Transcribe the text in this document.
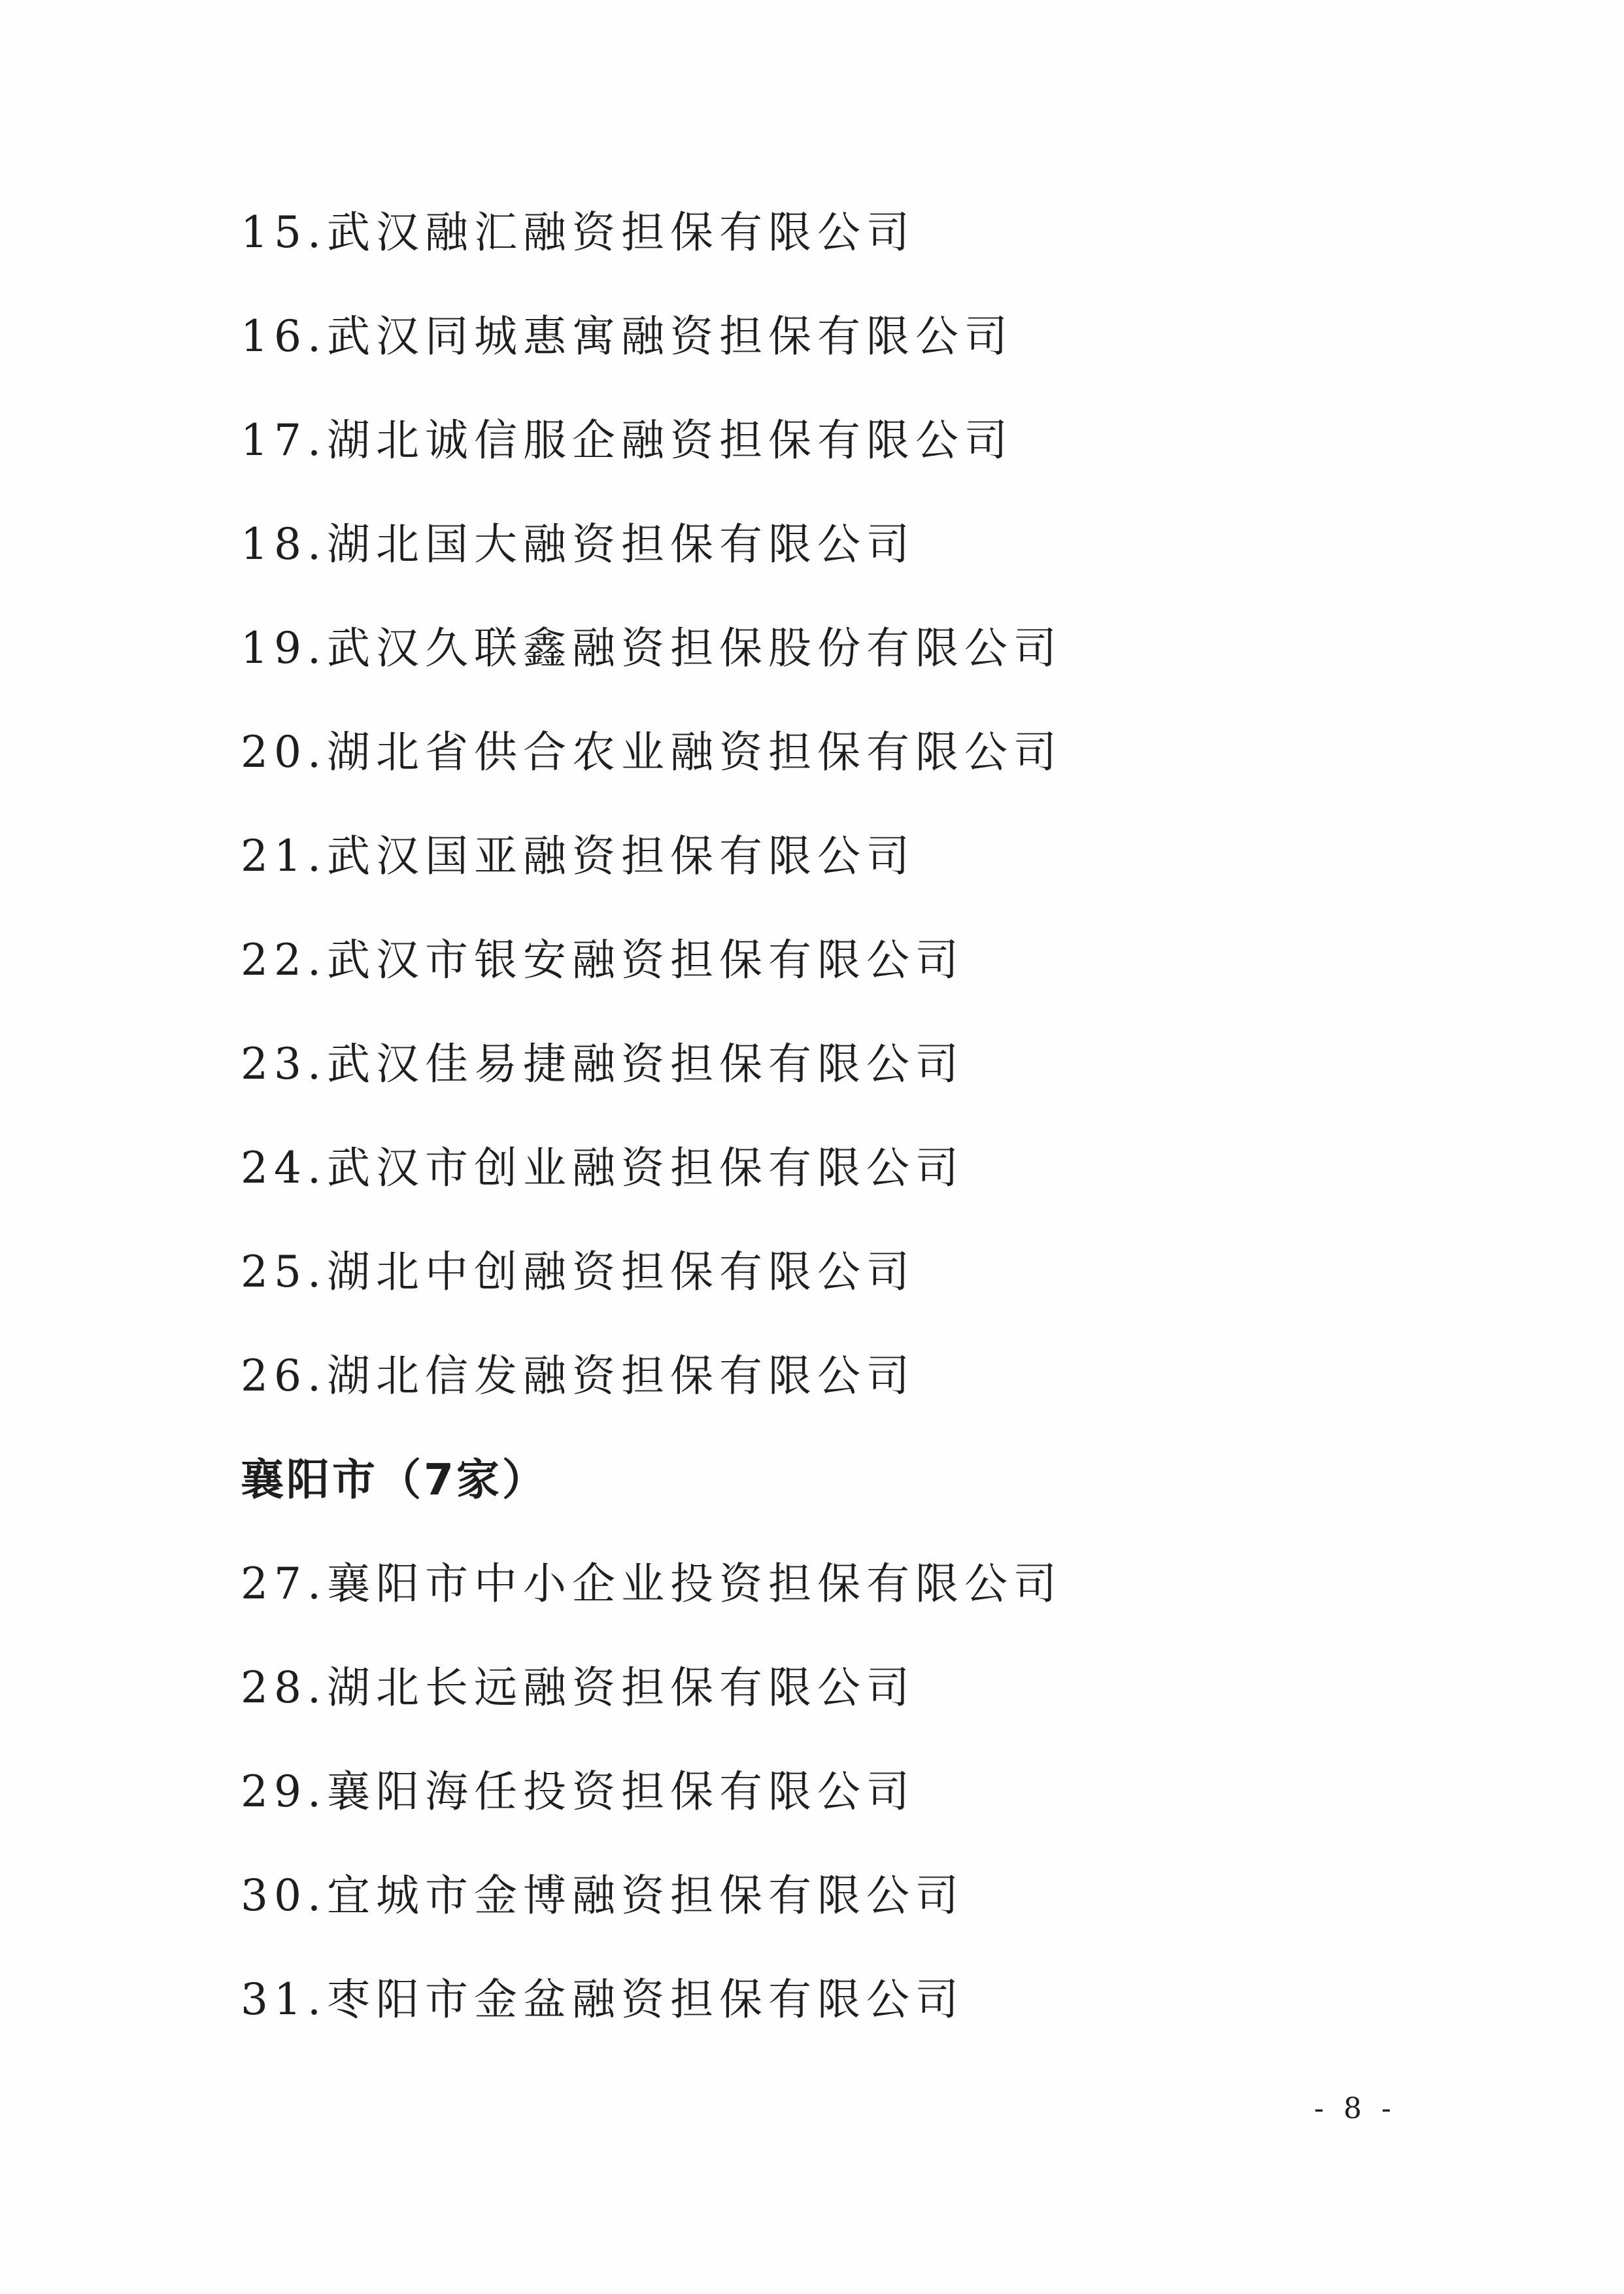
15.武汉融汇融资担保有限公司
16.武汉同城惠寓融资担保有限公司
17.湖北诚信服企融资担保有限公司
18.湖北国大融资担保有限公司
19.武汉久联鑫融资担保股份有限公司
20.湖北省供合农业融资担保有限公司
21.武汉国亚融资担保有限公司
22.武汉市银安融资担保有限公司
23.武汉佳易捷融资担保有限公司
24.武汉市创业融资担保有限公司
25.湖北中创融资担保有限公司
26.湖北信发融资担保有限公司
襄阳市（7家）
27.襄阳市中小企业投资担保有限公司
28.湖北长远融资担保有限公司
29.襄阳海任投资担保有限公司
30.宜城市金博融资担保有限公司
31.枣阳市金盆融资担保有限公司
- 8 -
